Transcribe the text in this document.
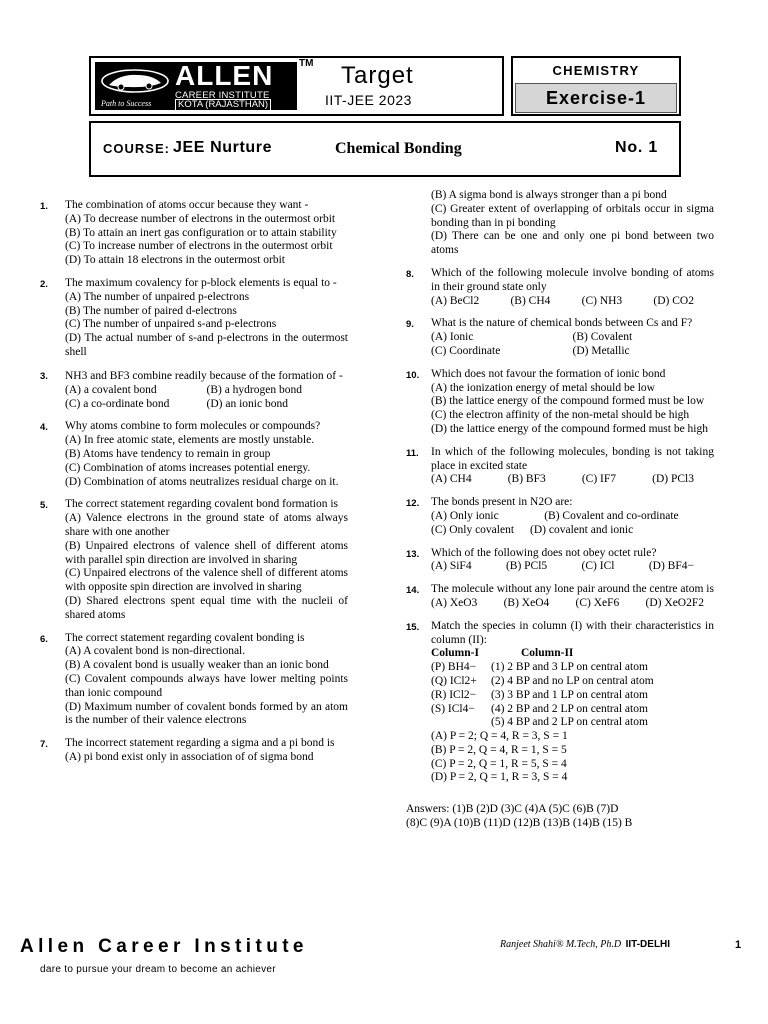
Path to Success
ALLEN
CAREER INSTITUTE
KOTA (RAJASTHAN)
TM Target
IIT-JEE 2023
CHEMISTRY
Exercise-1
COURSE: JEE Nurture	Chemical Bonding	No. 1
1. The combination of atoms occur because they want -
(A) To decrease number of electrons in the outermost orbit
(B) To attain an inert gas configuration or to attain stability
(C) To increase number of electrons in the outermost orbit
(D) To attain 18 electrons in the outermost orbit
2. The maximum covalency for p-block elements is equal to -
(A) The number of unpaired p-electrons
(B) The number of paired d-electrons
(C) The number of unpaired s-and p-electrons
(D) The actual number of s-and p-electrons in the outermost shell
3. NH3 and BF3 combine readily because of the formation of -
(A) a covalent bond	(B) a hydrogen bond
(C) a co-ordinate bond	(D) an ionic bond
4. Why atoms combine to form molecules or compounds?
(A) In free atomic state, elements are mostly unstable.
(B) Atoms have tendency to remain in group
(C) Combination of atoms increases potential energy.
(D) Combination of atoms neutralizes residual charge on it.
5. The correct statement regarding covalent bond formation is
(A) Valence electrons in the ground state of atoms always share with one another
(B) Unpaired electrons of valence shell of different atoms with parallel spin direction are involved in sharing
(C) Unpaired electrons of the valence shell of different atoms with opposite spin direction are involved in sharing
(D) Shared electrons spent equal time with the nucleii of shared atoms
6. The correct statement regarding covalent bonding is
(A) A covalent bond is non-directional.
(B) A covalent bond is usually weaker than an ionic bond
(C) Covalent compounds always have lower melting points than ionic compound
(D) Maximum number of covalent bonds formed by an atom is the number of their valence electrons
7. The incorrect statement regarding a sigma and a pi bond is
(A) pi bond exist only in association of of sigma bond
(B) A sigma bond is always stronger than a pi bond
(C) Greater extent of overlapping of orbitals occur in sigma bonding than in pi bonding
(D) There can be one and only one pi bond between two atoms
8. Which of the following molecule involve bonding of atoms in their ground state only
(A) BeCl2	(B) CH4	(C) NH3	(D) CO2
9. What is the nature of chemical bonds between Cs and F?
(A) Ionic	(B) Covalent
(C) Coordinate	(D) Metallic
10. Which does not favour the formation of ionic bond
(A) the ionization energy of metal should be low
(B) the lattice energy of the compound formed must be low
(C) the electron affinity of the non-metal should be high
(D) the lattice energy of the compound formed must be high
11. In which of the following molecules, bonding is not taking place in excited state
(A) CH4	(B) BF3	(C) IF7	(D) PCl3
12. The bonds present in N2O are:
(A) Only ionic	(B) Covalent and co-ordinate
(C) Only covalent	(D) covalent and ionic
13. Which of the following does not obey octet rule?
(A) SiF4	(B) PCl5	(C) ICl	(D) BF4−
14. The molecule without any lone pair around the centre atom is
(A) XeO3 (B) XeO4 (C) XeF6 (D) XeO2F2
15. Match the species in column (I) with their characteristics in column (II):
Column-I	Column-II
(P) BH4−	(1) 2 BP and 3 LP on central atom
(Q) ICl2+	(2) 4 BP and no LP on central atom
(R) ICl2−	(3) 3 BP and 1 LP on central atom
(S) ICl4−	(4) 2 BP and 2 LP on central atom
(5) 4 BP and 2 LP on central atom
(A) P = 2; Q = 4, R = 3, S = 1
(B) P = 2, Q = 4, R = 1, S = 5
(C) P = 2, Q = 1, R = 5, S = 4
(D) P = 2, Q = 1, R = 3, S = 4
Answers: (1)B (2)D (3)C (4)A (5)C (6)B (7)D
(8)C (9)A (10)B (11)D (12)B (13)B (14)B (15) B
Allen Career Institute
dare to pursue your dream to become an achiever
Ranjeet Shahi® M.Tech, Ph.D IIT-DELHI	1
